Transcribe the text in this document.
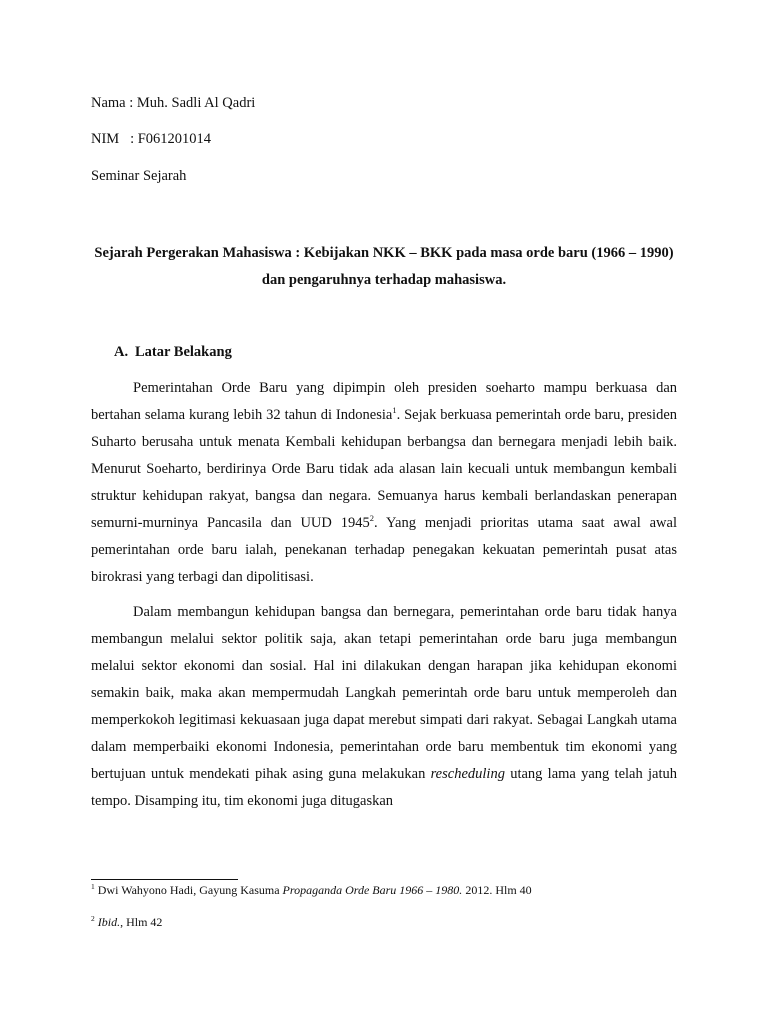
Nama : Muh. Sadli Al Qadri
NIM   : F061201014
Seminar Sejarah
Sejarah Pergerakan Mahasiswa : Kebijakan NKK – BKK pada masa orde baru (1966 – 1990) dan pengaruhnya terhadap mahasiswa.
A. Latar Belakang

Pemerintahan Orde Baru yang dipimpin oleh presiden soeharto mampu berkuasa dan bertahan selama kurang lebih 32 tahun di Indonesia$^1$. Sejak berkuasa pemerintah orde baru, presiden Suharto berusaha untuk menata Kembali kehidupan berbangsa dan bernegara menjadi lebih baik. Menurut Soeharto, berdirinya Orde Baru tidak ada alasan lain kecuali untuk membangun kembali struktur kehidupan rakyat, bangsa dan negara. Semuanya harus kembali berlandaskan penerapan semurni-murninya Pancasila dan UUD 1945$^2$. Yang menjadi prioritas utama saat awal awal pemerintahan orde baru ialah, penekanan terhadap penegakan kekuatan pemerintah pusat atas birokrasi yang terbagi dan dipolitisasi.

Dalam membangun kehidupan bangsa dan bernegara, pemerintahan orde baru tidak hanya membangun melalui sektor politik saja, akan tetapi pemerintahan orde baru juga membangun melalui sektor ekonomi dan sosial. Hal ini dilakukan dengan harapan jika kehidupan ekonomi semakin baik, maka akan mempermudah Langkah pemerintah orde baru untuk memperoleh dan memperkokoh legitimasi kekuasaan juga dapat merebut simpati dari rakyat. Sebagai Langkah utama dalam memperbaiki ekonomi Indonesia, pemerintahan orde baru membentuk tim ekonomi yang bertujuan untuk mendekati pihak asing guna melakukan rescheduling utang lama yang telah jatuh tempo. Disamping itu, tim ekonomi juga ditugaskan

$^1$ Dwi Wahyono Hadi, Gayung Kasuma Propaganda Orde Baru 1966 – 1980. 2012. Hlm 40
$^2$ Ibid., Hlm 42
